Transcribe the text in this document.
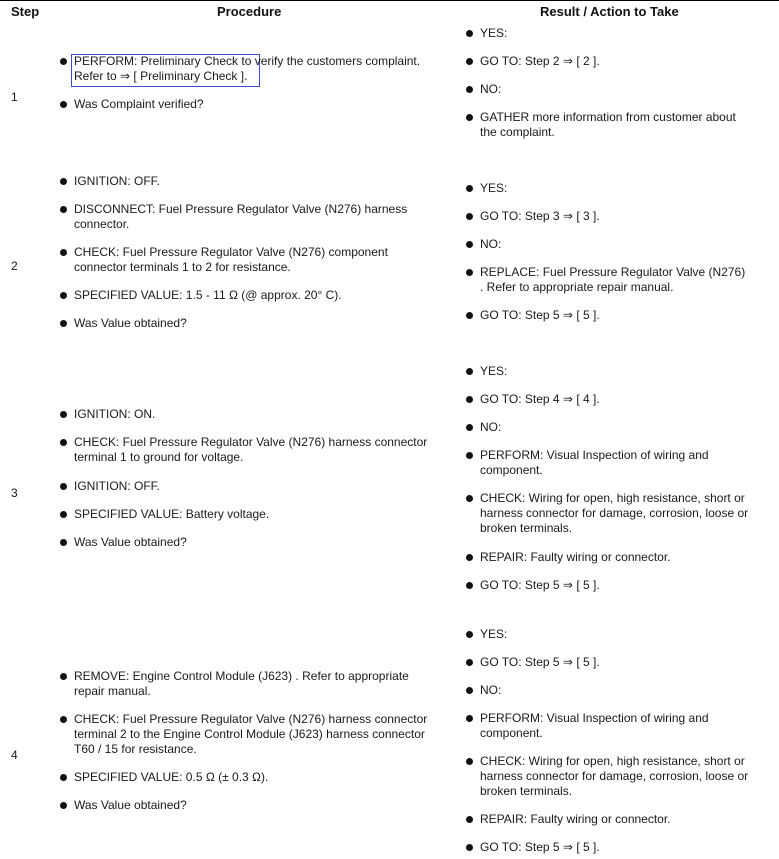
Step	Procedure	Result / Action to Take
1
PERFORM: Preliminary Check to verify the customers complaint.
Refer to ⇒ [ Preliminary Check ].
Was Complaint verified?
YES:
GO TO: Step 2 ⇒ [ 2 ].
NO:
GATHER more information from customer about
the complaint.
2
IGNITION: OFF.
DISCONNECT: Fuel Pressure Regulator Valve (N276) harness
connector.
CHECK: Fuel Pressure Regulator Valve (N276) component
connector terminals 1 to 2 for resistance.
SPECIFIED VALUE: 1.5 - 11 Ω (@ approx. 20° C).
Was Value obtained?
YES:
GO TO: Step 3 ⇒ [ 3 ].
NO:
REPLACE: Fuel Pressure Regulator Valve (N276)
. Refer to appropriate repair manual.
GO TO: Step 5 ⇒ [ 5 ].
3
IGNITION: ON.
CHECK: Fuel Pressure Regulator Valve (N276) harness connector
terminal 1 to ground for voltage.
IGNITION: OFF.
SPECIFIED VALUE: Battery voltage.
Was Value obtained?
YES:
GO TO: Step 4 ⇒ [ 4 ].
NO:
PERFORM: Visual Inspection of wiring and
component.
CHECK: Wiring for open, high resistance, short or
harness connector for damage, corrosion, loose or
broken terminals.
REPAIR: Faulty wiring or connector.
GO TO: Step 5 ⇒ [ 5 ].
4
REMOVE: Engine Control Module (J623) . Refer to appropriate
repair manual.
CHECK: Fuel Pressure Regulator Valve (N276) harness connector
terminal 2 to the Engine Control Module (J623) harness connector
T60 / 15 for resistance.
SPECIFIED VALUE: 0.5 Ω (± 0.3 Ω).
Was Value obtained?
YES:
GO TO: Step 5 ⇒ [ 5 ].
NO:
PERFORM: Visual Inspection of wiring and
component.
CHECK: Wiring for open, high resistance, short or
harness connector for damage, corrosion, loose or
broken terminals.
REPAIR: Faulty wiring or connector.
GO TO: Step 5 ⇒ [ 5 ].
